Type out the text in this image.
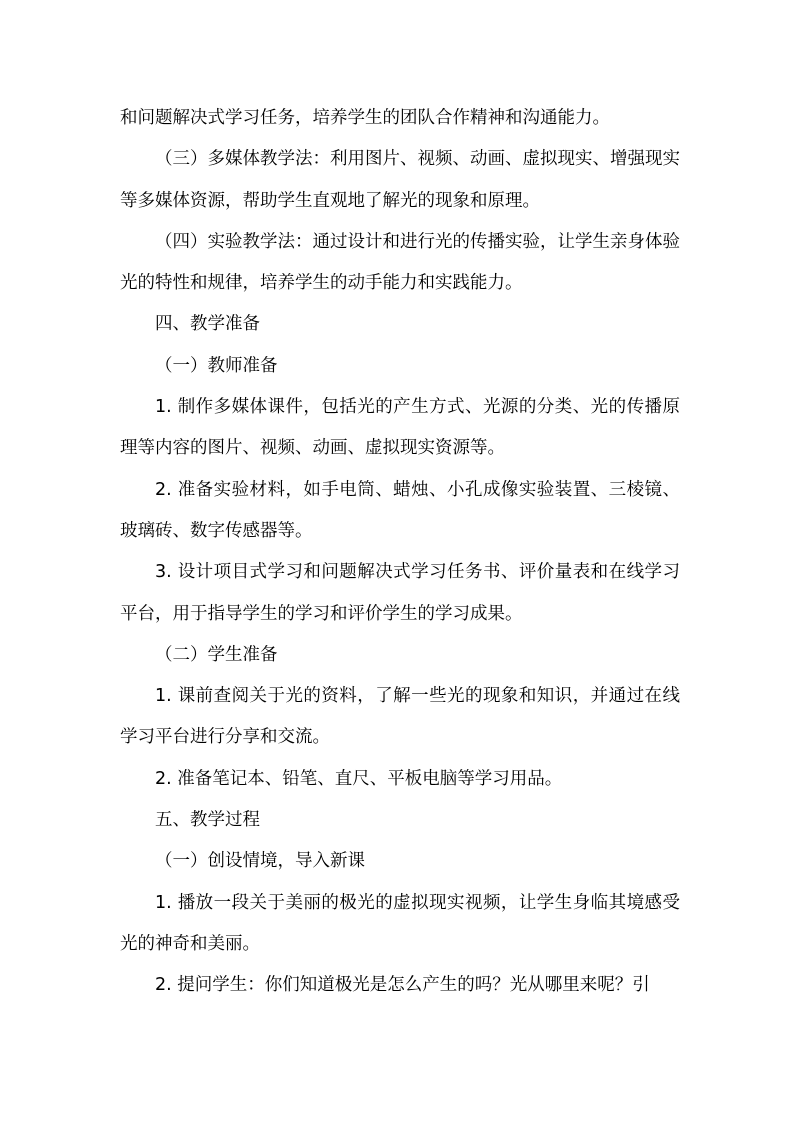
和问题解决式学习任务，培养学生的团队合作精神和沟通能力。

（三）多媒体教学法：利用图片、视频、动画、虚拟现实、增强现实等多媒体资源，帮助学生直观地了解光的现象和原理。

（四）实验教学法：通过设计和进行光的传播实验，让学生亲身体验光的特性和规律，培养学生的动手能力和实践能力。

四、教学准备

（一）教师准备

1. 制作多媒体课件，包括光的产生方式、光源的分类、光的传播原理等内容的图片、视频、动画、虚拟现实资源等。

2. 准备实验材料，如手电筒、蜡烛、小孔成像实验装置、三棱镜、玻璃砖、数字传感器等。

3. 设计项目式学习和问题解决式学习任务书、评价量表和在线学习平台，用于指导学生的学习和评价学生的学习成果。

（二）学生准备

1. 课前查阅关于光的资料，了解一些光的现象和知识，并通过在线学习平台进行分享和交流。

2. 准备笔记本、铅笔、直尺、平板电脑等学习用品。

五、教学过程

（一）创设情境，导入新课

1. 播放一段关于美丽的极光的虚拟现实视频，让学生身临其境感受光的神奇和美丽。

2. 提问学生：你们知道极光是怎么产生的吗？光从哪里来呢？引
